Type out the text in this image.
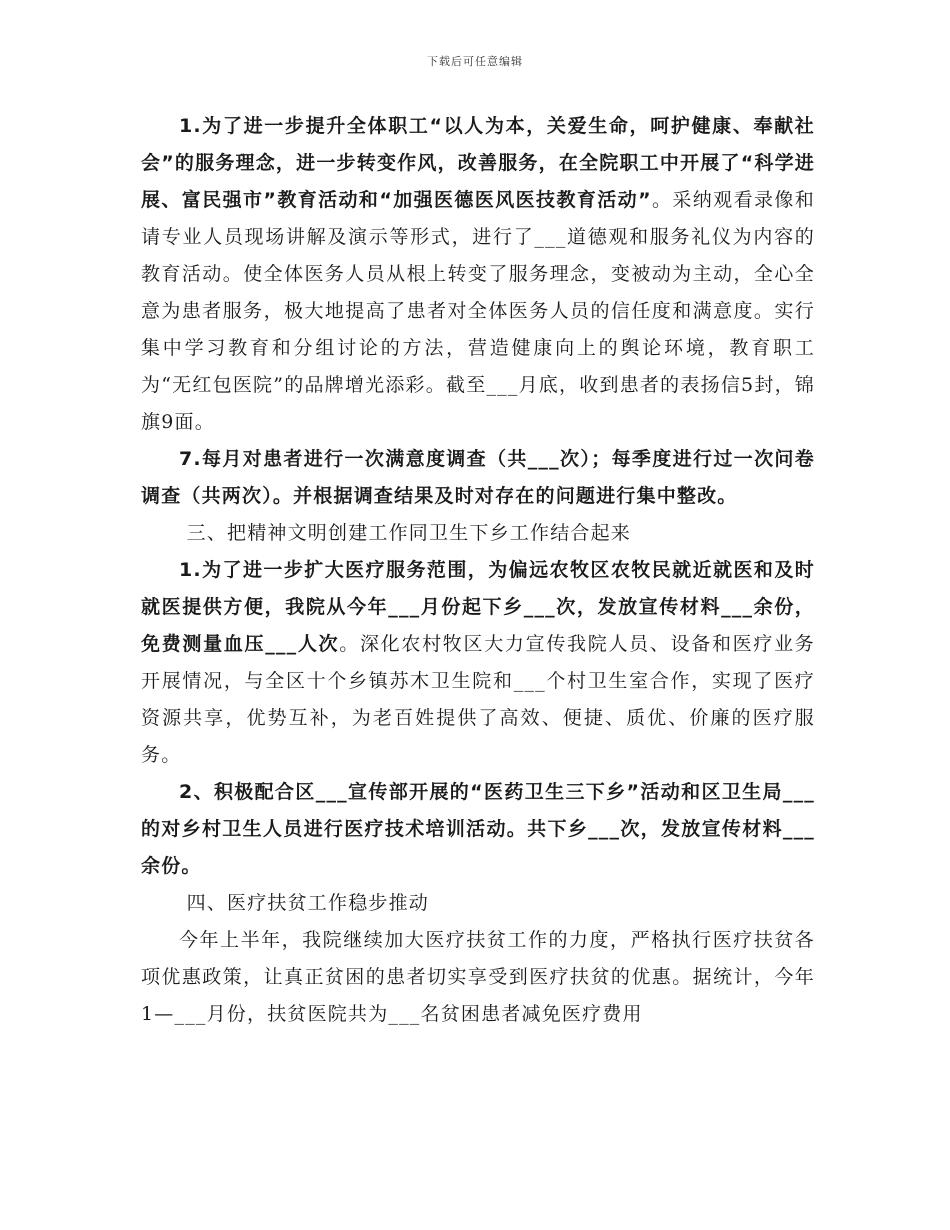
下载后可任意编辑

1.为了进一步提升全体职工“以人为本，关爱生命，呵护健康、奉献社会”的服务理念，进一步转变作风，改善服务，在全院职工中开展了“科学进展、富民强市”教育活动和“加强医德医风医技教育活动”。采纳观看录像和请专业人员现场讲解及演示等形式，进行了___道德观和服务礼仪为内容的教育活动。使全体医务人员从根上转变了服务理念，变被动为主动，全心全意为患者服务，极大地提高了患者对全体医务人员的信任度和满意度。实行集中学习教育和分组讨论的方法，营造健康向上的舆论环境，教育职工为“无红包医院”的品牌增光添彩。截至___月底，收到患者的表扬信5封，锦旗9面。

7.每月对患者进行一次满意度调查（共___次）；每季度进行过一次问卷调查（共两次）。并根据调查结果及时对存在的问题进行集中整改。

三、把精神文明创建工作同卫生下乡工作结合起来

1.为了进一步扩大医疗服务范围，为偏远农牧区农牧民就近就医和及时就医提供方便，我院从今年___月份起下乡___次，发放宣传材料___余份，免费测量血压___人次。深化农村牧区大力宣传我院人员、设备和医疗业务开展情况，与全区十个乡镇苏木卫生院和___个村卫生室合作，实现了医疗资源共享，优势互补，为老百姓提供了高效、便捷、质优、价廉的医疗服务。

2、积极配合区___宣传部开展的“医药卫生三下乡”活动和区卫生局___的对乡村卫生人员进行医疗技术培训活动。共下乡___次，发放宣传材料___余份。

四、医疗扶贫工作稳步推动

今年上半年，我院继续加大医疗扶贫工作的力度，严格执行医疗扶贫各项优惠政策，让真正贫困的患者切实享受到医疗扶贫的优惠。据统计，今年1—___月份，扶贫医院共为___名贫困患者减免医疗费用
